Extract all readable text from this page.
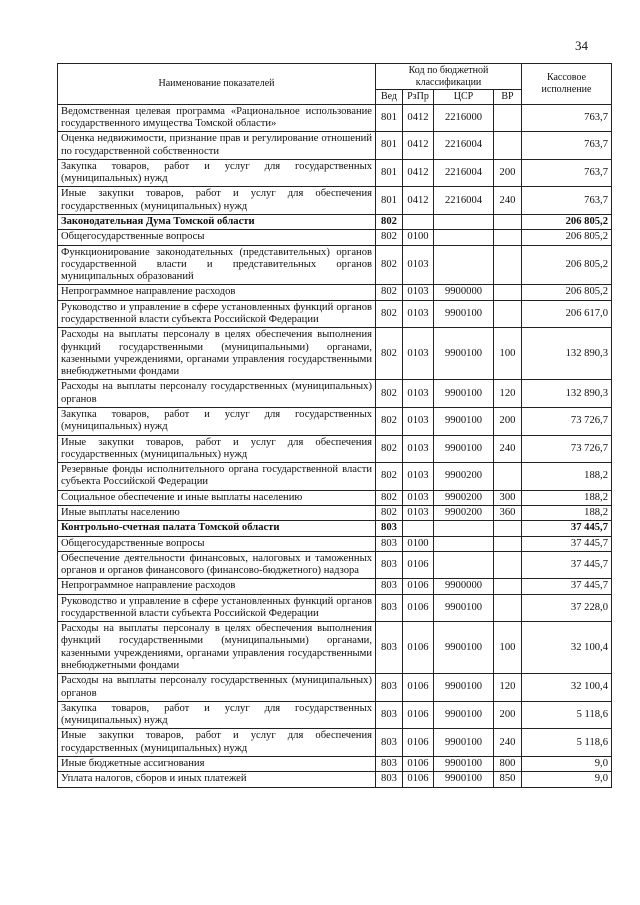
34
Наименование показателей	Код по бюджетной классификации				Кассовое исполнение
	Вед	РзПр	ЦСР	ВР	
Ведомственная целевая программа «Рациональное использование государственного имущества Томской области»	801	0412	2216000		763,7
Оценка недвижимости, признание прав и регулирование отношений по государственной собственности	801	0412	2216004		763,7
Закупка товаров, работ и услуг для государственных (муниципальных) нужд	801	0412	2216004	200	763,7
Иные закупки товаров, работ и услуг для обеспечения государственных (муниципальных) нужд	801	0412	2216004	240	763,7
Законодательная Дума Томской области	802				206 805,2
Общегосударственные вопросы	802	0100			206 805,2
Функционирование законодательных (представительных) органов государственной власти и представительных органов муниципальных образований	802	0103			206 805,2
Непрограммное направление расходов	802	0103	9900000		206 805,2
Руководство и управление в сфере установленных функций органов государственной власти субъекта Российской Федерации	802	0103	9900100		206 617,0
Расходы на выплаты персоналу в целях обеспечения выполнения функций государственными (муниципальными) органами, казенными учреждениями, органами управления государственными внебюджетными фондами	802	0103	9900100	100	132 890,3
Расходы на выплаты персоналу государственных (муниципальных) органов	802	0103	9900100	120	132 890,3
Закупка товаров, работ и услуг для государственных (муниципальных) нужд	802	0103	9900100	200	73 726,7
Иные закупки товаров, работ и услуг для обеспечения государственных (муниципальных) нужд	802	0103	9900100	240	73 726,7
Резервные фонды исполнительного органа государственной власти субъекта Российской Федерации	802	0103	9900200		188,2
Социальное обеспечение и иные выплаты населению	802	0103	9900200	300	188,2
Иные выплаты населению	802	0103	9900200	360	188,2
Контрольно-счетная палата Томской области	803				37 445,7
Общегосударственные вопросы	803	0100			37 445,7
Обеспечение деятельности финансовых, налоговых и таможенных органов и органов финансового (финансово-бюджетного) надзора	803	0106			37 445,7
Непрограммное направление расходов	803	0106	9900000		37 445,7
Руководство и управление в сфере установленных функций органов государственной власти субъекта Российской Федерации	803	0106	9900100		37 228,0
Расходы на выплаты персоналу в целях обеспечения выполнения функций государственными (муниципальными) органами, казенными учреждениями, органами управления государственными внебюджетными фондами	803	0106	9900100	100	32 100,4
Расходы на выплаты персоналу государственных (муниципальных) органов	803	0106	9900100	120	32 100,4
Закупка товаров, работ и услуг для государственных (муниципальных) нужд	803	0106	9900100	200	5 118,6
Иные закупки товаров, работ и услуг для обеспечения государственных (муниципальных) нужд	803	0106	9900100	240	5 118,6
Иные бюджетные ассигнования	803	0106	9900100	800	9,0
Уплата налогов, сборов и иных платежей	803	0106	9900100	850	9,0
